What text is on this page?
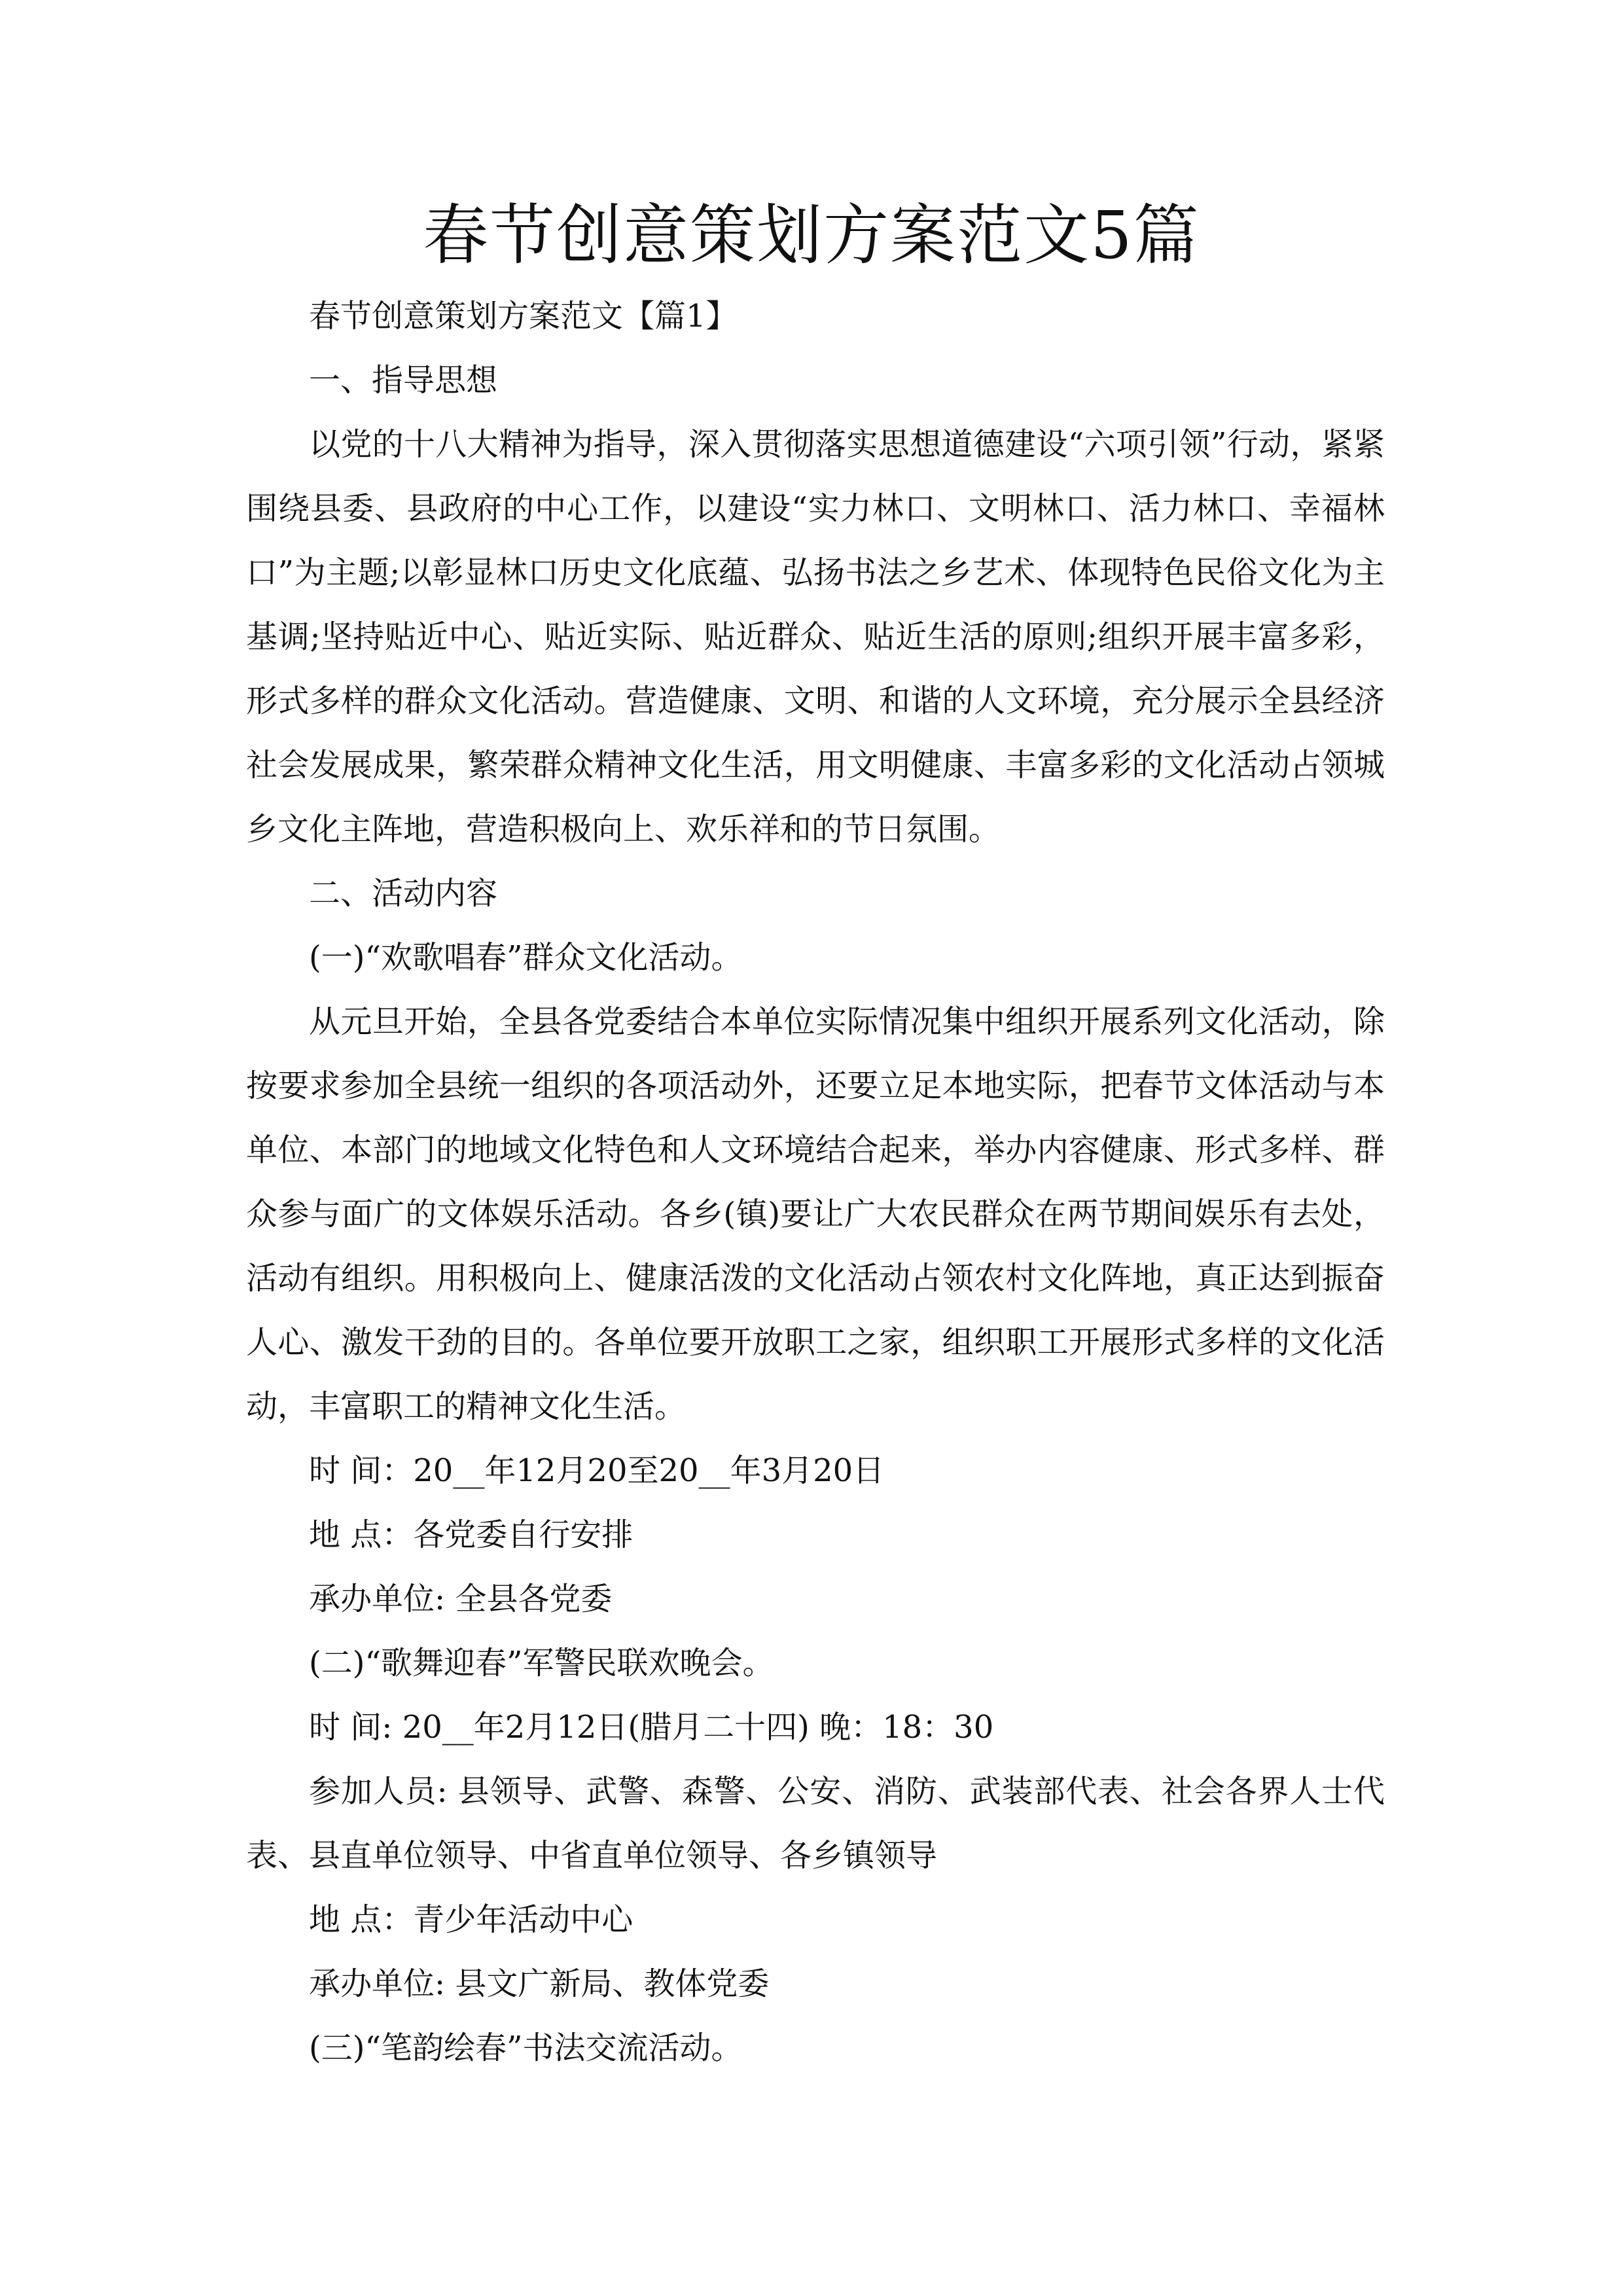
春节创意策划方案范文5篇

春节创意策划方案范文【篇1】

一、指导思想

以党的十八大精神为指导，深入贯彻落实思想道德建设“六项引领”行动，紧紧围绕县委、县政府的中心工作，以建设“实力林口、文明林口、活力林口、幸福林口”为主题;以彰显林口历史文化底蕴、弘扬书法之乡艺术、体现特色民俗文化为主基调;坚持贴近中心、贴近实际、贴近群众、贴近生活的原则;组织开展丰富多彩，形式多样的群众文化活动。营造健康、文明、和谐的人文环境，充分展示全县经济社会发展成果，繁荣群众精神文化生活，用文明健康、丰富多彩的文化活动占领城乡文化主阵地，营造积极向上、欢乐祥和的节日氛围。

二、活动内容

(一)“欢歌唱春”群众文化活动。

从元旦开始，全县各党委结合本单位实际情况集中组织开展系列文化活动，除按要求参加全县统一组织的各项活动外，还要立足本地实际，把春节文体活动与本单位、本部门的地域文化特色和人文环境结合起来，举办内容健康、形式多样、群众参与面广的文体娱乐活动。各乡(镇)要让广大农民群众在两节期间娱乐有去处，活动有组织。用积极向上、健康活泼的文化活动占领农村文化阵地，真正达到振奋人心、激发干劲的目的。各单位要开放职工之家，组织职工开展形式多样的文化活动，丰富职工的精神文化生活。

时 间：20__年12月20至20__年3月20日

地 点：各党委自行安排

承办单位: 全县各党委

(二)“歌舞迎春”军警民联欢晚会。

时 间: 20__年2月12日(腊月二十四) 晚：18：30

参加人员: 县领导、武警、森警、公安、消防、武装部代表、社会各界人士代表、县直单位领导、中省直单位领导、各乡镇领导

地 点：青少年活动中心

承办单位: 县文广新局、教体党委

(三)“笔韵绘春”书法交流活动。
